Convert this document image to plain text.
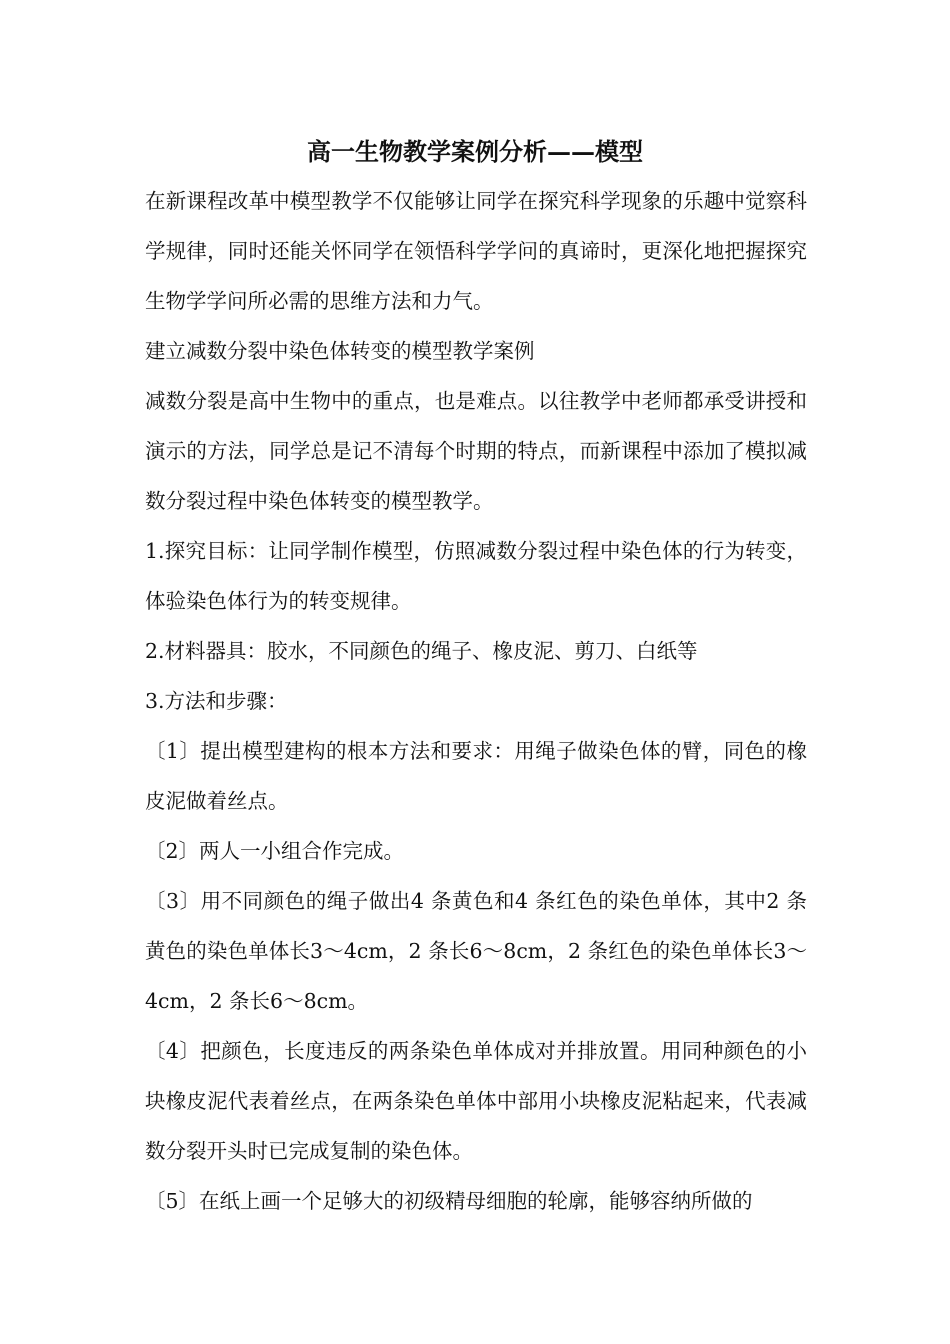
高一生物教学案例分析——模型

在新课程改革中模型教学不仅能够让同学在探究科学现象的乐趣中觉察科学规律，同时还能关怀同学在领悟科学学问的真谛时，更深化地把握探究生物学学问所必需的思维方法和力气。

建立减数分裂中染色体转变的模型教学案例

减数分裂是高中生物中的重点，也是难点。以往教学中老师都承受讲授和演示的方法，同学总是记不清每个时期的特点，而新课程中添加了模拟减数分裂过程中染色体转变的模型教学。

1.探究目标：让同学制作模型，仿照减数分裂过程中染色体的行为转变，体验染色体行为的转变规律。

2.材料器具：胶水，不同颜色的绳子、橡皮泥、剪刀、白纸等

3.方法和步骤：

〔1〕提出模型建构的根本方法和要求：用绳子做染色体的臂，同色的橡皮泥做着丝点。

〔2〕两人一小组合作完成。

〔3〕用不同颜色的绳子做出4 条黄色和4 条红色的染色单体，其中2 条黄色的染色单体长3～4cm，2 条长6～8cm，2 条红色的染色单体长3～4cm，2 条长6～8cm。

〔4〕把颜色，长度违反的两条染色单体成对并排放置。用同种颜色的小块橡皮泥代表着丝点，在两条染色单体中部用小块橡皮泥粘起来，代表减数分裂开头时已完成复制的染色体。

〔5〕在纸上画一个足够大的初级精母细胞的轮廓，能够容纳所做的
